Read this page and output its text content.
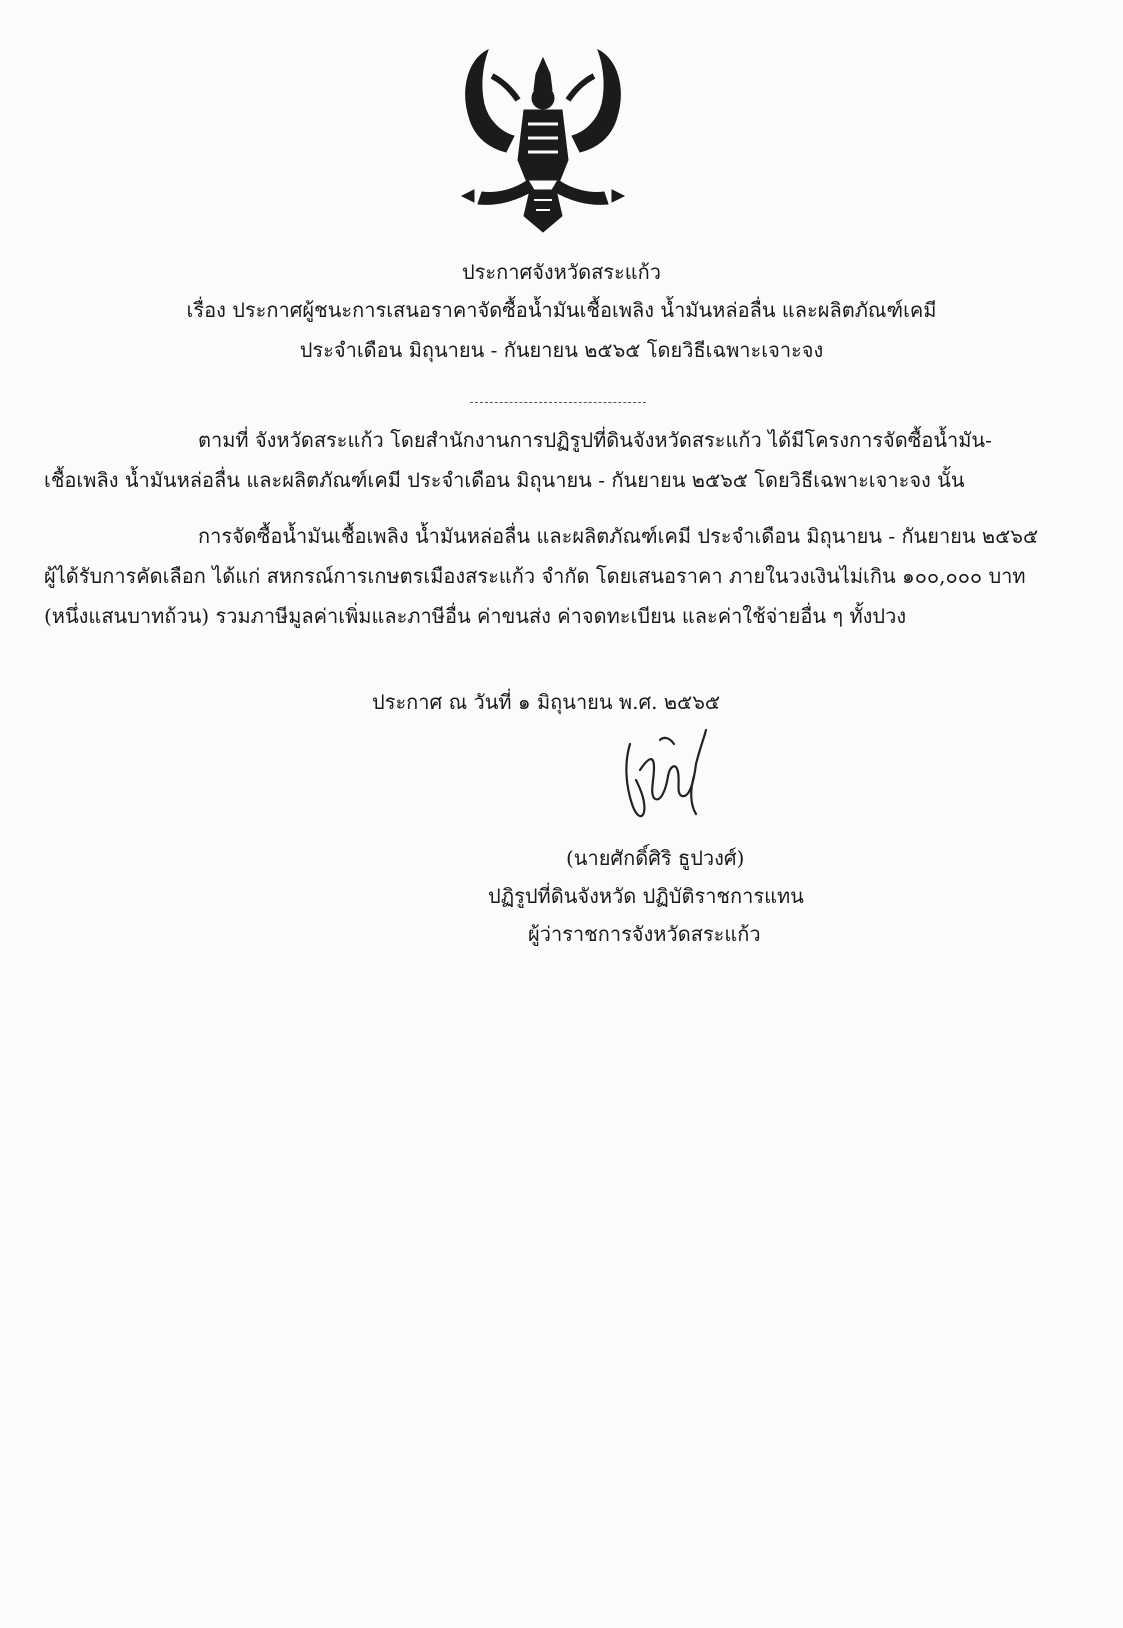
ประกาศจังหวัดสระแก้ว
เรื่อง ประกาศผู้ชนะการเสนอราคาจัดซื้อน้ำมันเชื้อเพลิง น้ำมันหล่อลื่น และผลิตภัณฑ์เคมี
ประจำเดือน มิถุนายน - กันยายน ๒๕๖๕ โดยวิธีเฉพาะเจาะจง
ตามที่ จังหวัดสระแก้ว โดยสำนักงานการปฏิรูปที่ดินจังหวัดสระแก้ว ได้มีโครงการจัดซื้อน้ำมัน-
เชื้อเพลิง น้ำมันหล่อลื่น และผลิตภัณฑ์เคมี ประจำเดือน มิถุนายน - กันยายน ๒๕๖๕ โดยวิธีเฉพาะเจาะจง นั้น
การจัดซื้อน้ำมันเชื้อเพลิง น้ำมันหล่อลื่น และผลิตภัณฑ์เคมี ประจำเดือน มิถุนายน - กันยายน ๒๕๖๕
ผู้ได้รับการคัดเลือก ได้แก่ สหกรณ์การเกษตรเมืองสระแก้ว จำกัด โดยเสนอราคา ภายในวงเงินไม่เกิน ๑๐๐,๐๐๐ บาท
(หนึ่งแสนบาทถ้วน) รวมภาษีมูลค่าเพิ่มและภาษีอื่น ค่าขนส่ง ค่าจดทะเบียน และค่าใช้จ่ายอื่น ๆ ทั้งปวง
ประกาศ ณ วันที่ ๑ มิถุนายน พ.ศ. ๒๕๖๕
(นายศักดิ์ศิริ ธูปวงศ์)
ปฏิรูปที่ดินจังหวัด ปฏิบัติราชการแทน
ผู้ว่าราชการจังหวัดสระแก้ว
